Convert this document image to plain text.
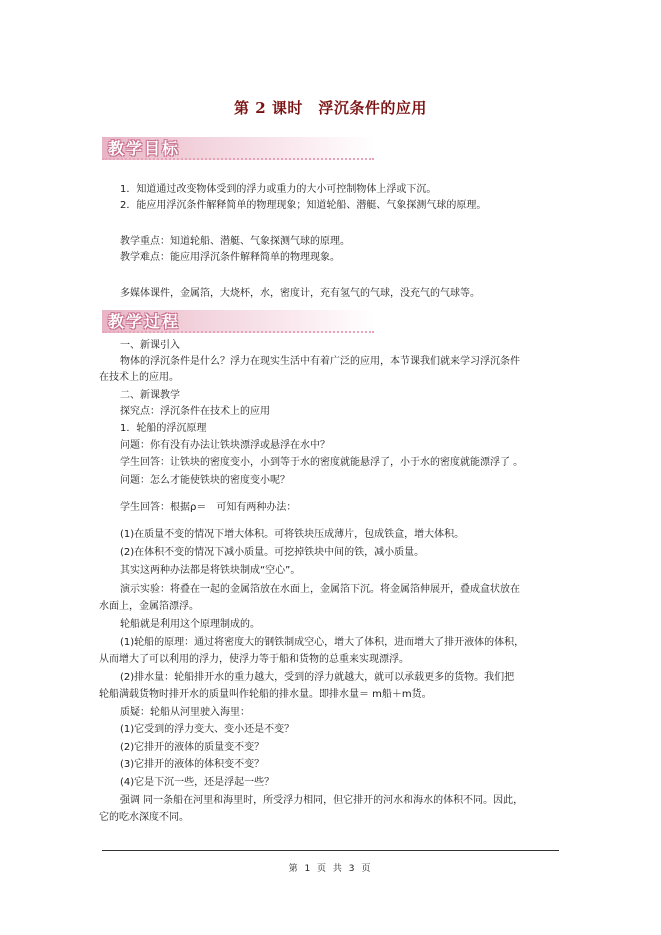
第 2 课时　浮沉条件的应用
教学目标
1．知道通过改变物体受到的浮力或重力的大小可控制物体上浮或下沉。
2．能应用浮沉条件解释简单的物理现象；知道轮船、潜艇、气象探测气球的原理。
教学重点：知道轮船、潜艇、气象探测气球的原理。
教学难点：能应用浮沉条件解释简单的物理现象。
多媒体课件，金属箔，大烧杯，水，密度计，充有氢气的气球，没充气的气球等。
教学过程
一、新课引入
物体的浮沉条件是什么？浮力在现实生活中有着广泛的应用，本节课我们就来学习浮沉条件
在技术上的应用。
二、新课教学
探究点：浮沉条件在技术上的应用
1．轮船的浮沉原理
问题：你有没有办法让铁块漂浮或悬浮在水中？
学生回答：让铁块的密度变小，小到等于水的密度就能悬浮了，小于水的密度就能漂浮了 。
问题：怎么才能使铁块的密度变小呢？
学生回答：根据ρ＝　可知有两种办法：
(1)在质量不变的情况下增大体积。可将铁块压成薄片，包成铁盒，增大体积。
(2)在体积不变的情况下减小质量。可挖掉铁块中间的铁，减小质量。
其实这两种办法都是将铁块制成“空心”。
演示实验：将叠在一起的金属箔放在水面上，金属箔下沉。将金属箔伸展开，叠成盒状放在
水面上，金属箔漂浮。
轮船就是利用这个原理制成的。
(1)轮船的原理：通过将密度大的钢铁制成空心，增大了体积，进而增大了排开液体的体积，
从而增大了可以利用的浮力，使浮力等于船和货物的总重来实现漂浮。
(2)排水量：轮船排开水的重力越大，受到的浮力就越大，就可以承载更多的货物。我们把
轮船满载货物时排开水的质量叫作轮船的排水量。即排水量＝ m船＋m货。
质疑：轮船从河里驶入海里：
(1)它受到的浮力变大、变小还是不变？
(2)它排开的液体的质量变不变？
(3)它排开的液体的体积变不变？
(4)它是下沉一些，还是浮起一些？
强调 同一条船在河里和海里时，所受浮力相同，但它排开的河水和海水的体积不同。因此，
它的吃水深度不同。
第 1 页 共 3 页
